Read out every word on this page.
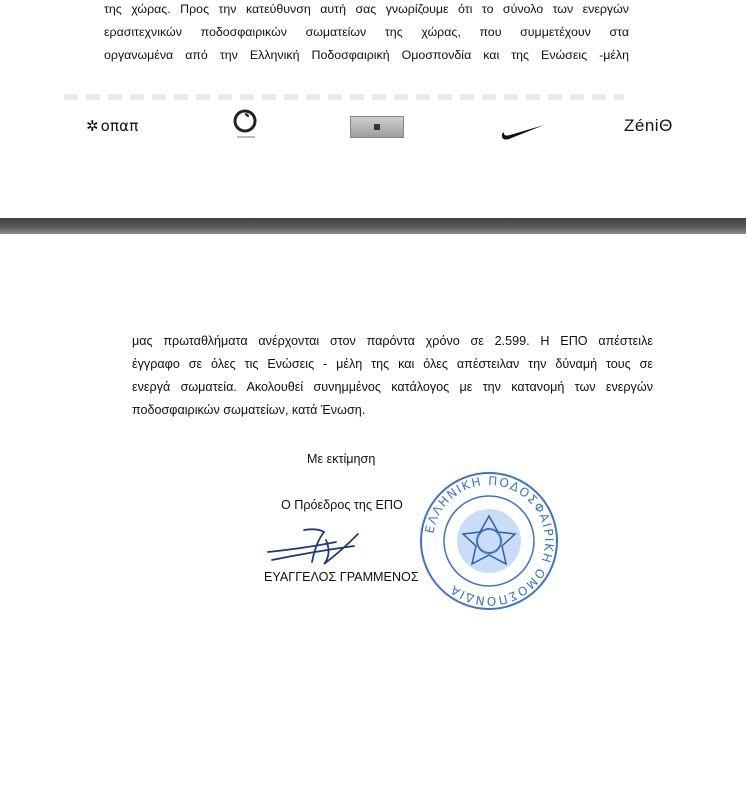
της χώρας. Προς την κατεύθυνση αυτή σας γνωρίζουμε ότι το σύνολο των ενεργών
ερασιτεχνικών ποδοσφαιρικών σωματείων της χώρας, που συμμετέχουν στα
οργανωμένα από την Ελληνική Ποδοσφαιρική Ομοσπονδία και της Ενώσεις -μέλη
✲ οπαπ	ZéniΘ
μας πρωταθλήματα ανέρχονται στον παρόντα χρόνο σε 2.599. Η ΕΠΟ απέστειλε
έγγραφο σε όλες τις Ενώσεις - μέλη της και όλες απέστειλαν την δύναμή τους σε
ενεργά σωματεία. Ακολουθεί συνημμένος κατάλογος με την κατανομή των ενεργών
ποδοσφαιρικών σωματείων, κατά Ένωση.
Με εκτίμηση
Ο Πρόεδρος της ΕΠΟ
ΕΥΑΓΓΕΛΟΣ ΓΡΑΜΜΕΝΟΣ
ΕΛΛΗΝΙΚΗ ΠΟΔΟΣΦΑΙΡΙΚΗ ΟΜΟΣΠΟΝΔΙΑ
